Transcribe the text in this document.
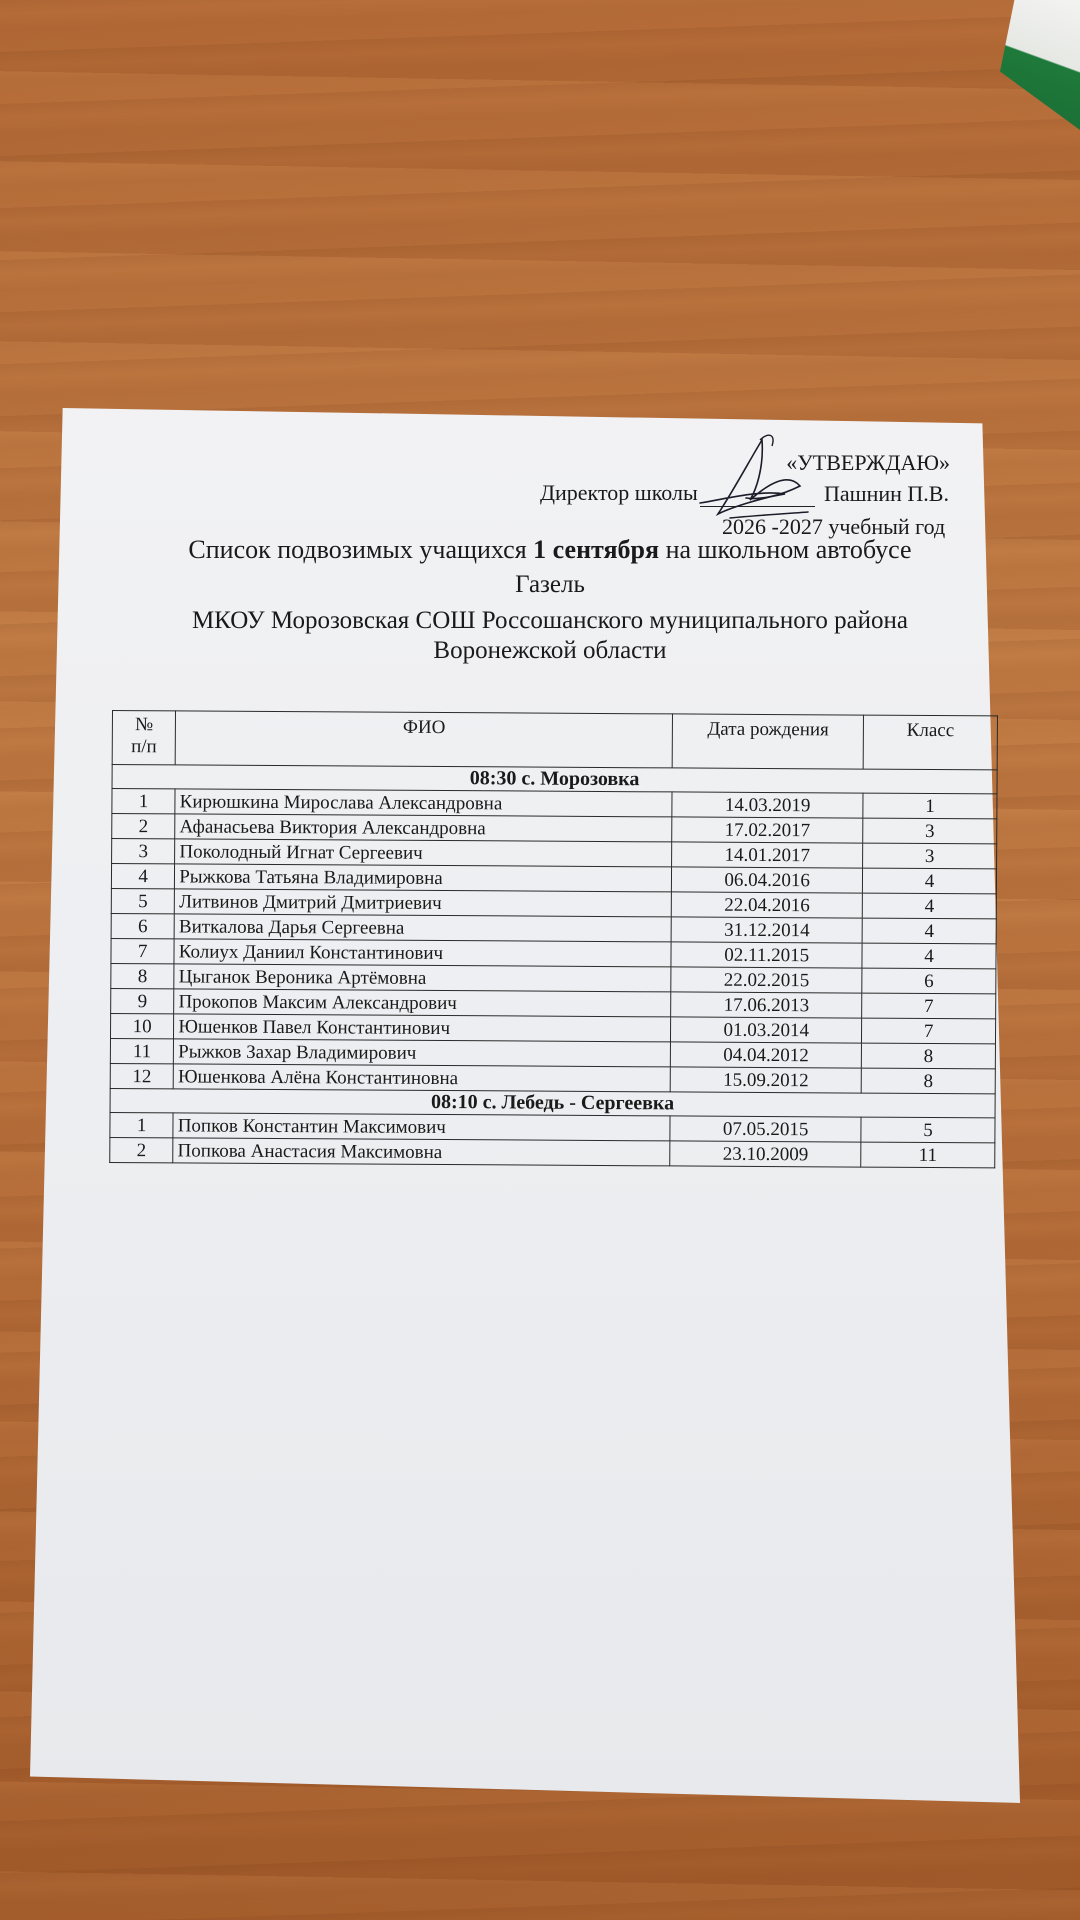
«УТВЕРЖДАЮ»
Директор школы	Пашнин П.В.
2026 -2027 учебный год
Список подвозимых учащихся 1 сентября на школьном автобусе
Газель
МКОУ Морозовская СОШ Россошанского муниципального района
Воронежской области
№
п/п	ФИО	Дата рождения	Класс
08:30 с. Морозовка			
1	Кирюшкина Мирослава Александровна	14.03.2019	1
2	Афанасьева Виктория Александровна	17.02.2017	3
3	Поколодный Игнат Сергеевич	14.01.2017	3
4	Рыжкова Татьяна Владимировна	06.04.2016	4
5	Литвинов Дмитрий Дмитриевич	22.04.2016	4
6	Виткалова Дарья Сергеевна	31.12.2014	4
7	Колиух Даниил Константинович	02.11.2015	4
8	Цыганок Вероника Артёмовна	22.02.2015	6
9	Прокопов Максим Александрович	17.06.2013	7
10	Юшенков Павел Константинович	01.03.2014	7
11	Рыжков Захар Владимирович	04.04.2012	8
12	Юшенкова Алёна Константиновна	15.09.2012	8
08:10 с. Лебедь - Сергеевка			
1	Попков Константин Максимович	07.05.2015	5
2	Попкова Анастасия Максимовна	23.10.2009	11
